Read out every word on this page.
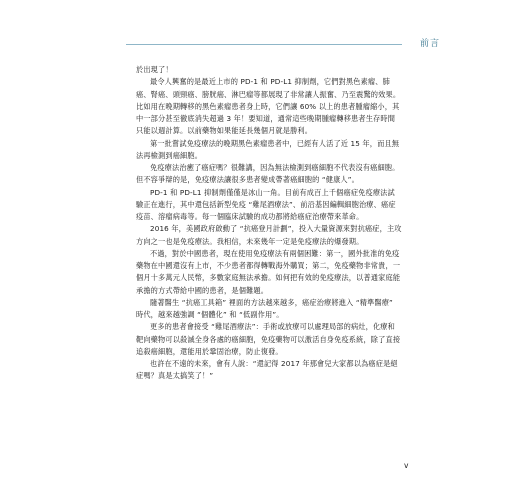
前言

於出現了！

最令人興奮的是最近上市的 PD-1 和 PD-L1 抑制劑，它們對黑色素瘤、肺癌、腎癌、頭頸癌、膀胱癌、淋巴瘤等都展現了非常讓人振奮、乃至震驚的效果。比如用在晚期轉移的黑色素瘤患者身上時，它們讓 60% 以上的患者腫瘤縮小，其中一部分甚至徹底消失超過 3 年！要知道，通常這些晚期腫瘤轉移患者生存時間只能以週計算。以前藥物如果能延長幾個月就是勝利。

第一批嘗試免疫療法的晚期黑色素瘤患者中，已經有人活了近 15 年，而且無法再檢測到癌細胞。

免疫療法治癒了癌症嗎？很難講，因為無法檢測到癌細胞不代表沒有癌細胞。但不容爭辯的是，免疫療法讓很多患者變成帶著癌細胞的 “健康人”。

PD-1 和 PD-L1 抑制劑僅僅是冰山一角。目前有成百上千個癌症免疫療法試驗正在進行，其中還包括新型免疫 “雞尾酒療法”、前沿基因編輯細胞治療、癌症疫苗、溶瘤病毒等。每一個臨床試驗的成功都將給癌症治療帶來革命。

2016 年，美國政府啟動了 “抗癌登月計劃”，投入大量資源來對抗癌症，主攻方向之一也是免疫療法。我相信，未來幾年一定是免疫療法的爆發期。

不過，對於中國患者，現在使用免疫療法有兩個困難：第一，國外批准的免疫藥物在中國還沒有上市，不少患者都得轉戰海外購買；第二，免疫藥物非常貴，一個月十多萬元人民幣，多數家庭無法承擔。如何把有效的免疫療法，以普通家庭能承擔的方式帶給中國的患者，是個難題。

隨著醫生 “抗癌工具箱” 裡面的方法越來越多，癌症治療將進入 “精準醫療” 時代，越來越強調 “個體化” 和 “低副作用”。

更多的患者會接受 “雞尾酒療法”：手術或放療可以處理局部的病灶，化療和靶向藥物可以殺滅全身各處的癌細胞，免疫藥物可以激活自身免疫系統，除了直接追殺癌細胞，還能用於鞏固治療，防止復發。

也許在不遠的未來，會有人說：“還記得 2017 年那會兒大家都以為癌症是絕症嗎？真是太搞笑了！”

v
